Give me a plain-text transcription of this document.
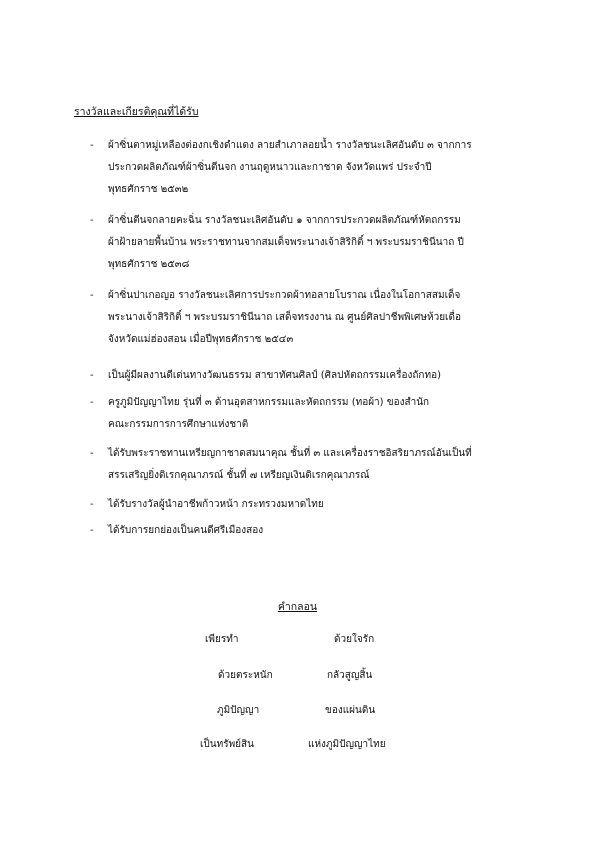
รางวัลและเกียรติคุณที่ได้รับ
-	ผ้าซิ่นตาหมู่เหลืองต่องกเชิงดำแดง ลายสำเภาลอยน้ำ รางวัลชนะเลิศอันดับ ๓ จากการ
ประกวดผลิตภัณฑ์ผ้าซิ่นตีนจก งานฤดูหนาวและกาชาด จังหวัดแพร่ ประจำปี
พุทธศักราช ๒๕๓๒
-	ผ้าซิ่นตีนจกลายคะฉิ่น รางวัลชนะเลิศอันดับ ๑ จากการประกวดผลิตภัณฑ์หัตถกรรม
ผ้าฝ้ายลายพื้นบ้าน พระราชทานจากสมเด็จพระนางเจ้าสิริกิติ์ ฯ พระบรมราชินีนาถ ปี
พุทธศักราช ๒๕๓๘
-	ผ้าซิ่นปาเกอญอ รางวัลชนะเลิศการประกวดผ้าทอลายโบราณ เนื่องในโอกาสสมเด็จ
พระนางเจ้าสิริกิติ์ ฯ พระบรมราชินีนาถ เสด็จทรงงาน ณ ศูนย์ศิลปาชีพพิเศษห้วยเดื่อ
จังหวัดแม่ฮ่องสอน เมื่อปีพุทธศักราช ๒๕๔๓
-	เป็นผู้มีผลงานดีเด่นทางวัฒนธรรม สาขาทัศนศิลป์ (ศิลปหัตถกรรมเครื่องถักทอ)
-	ครูภูมิปัญญาไทย รุ่นที่ ๓ ด้านอุตสาหกรรมและหัตถกรรม (ทอผ้า) ของสำนัก
คณะกรรมการการศึกษาแห่งชาติ
-	ได้รับพระราชทานเหรียญกาชาดสมนาคุณ ชั้นที่ ๓ และเครื่องราชอิสริยาภรณ์อันเป็นที่
สรรเสริญยิ่งดิเรกคุณาภรณ์ ชั้นที่ ๗ เหรียญเงินดิเรกคุณาภรณ์
-	ได้รับรางวัลผู้นำอาชีพก้าวหน้า กระทรวงมหาดไทย
-	ได้รับการยกย่องเป็นคนดีศรีเมืองสอง
คำกลอน
เพียรทำ	ด้วยใจรัก
ด้วยตระหนัก	กลัวสูญสิ้น
ภูมิปัญญา	ของแผ่นดิน
เป็นทรัพย์สิน	แห่งภูมิปัญญาไทย
